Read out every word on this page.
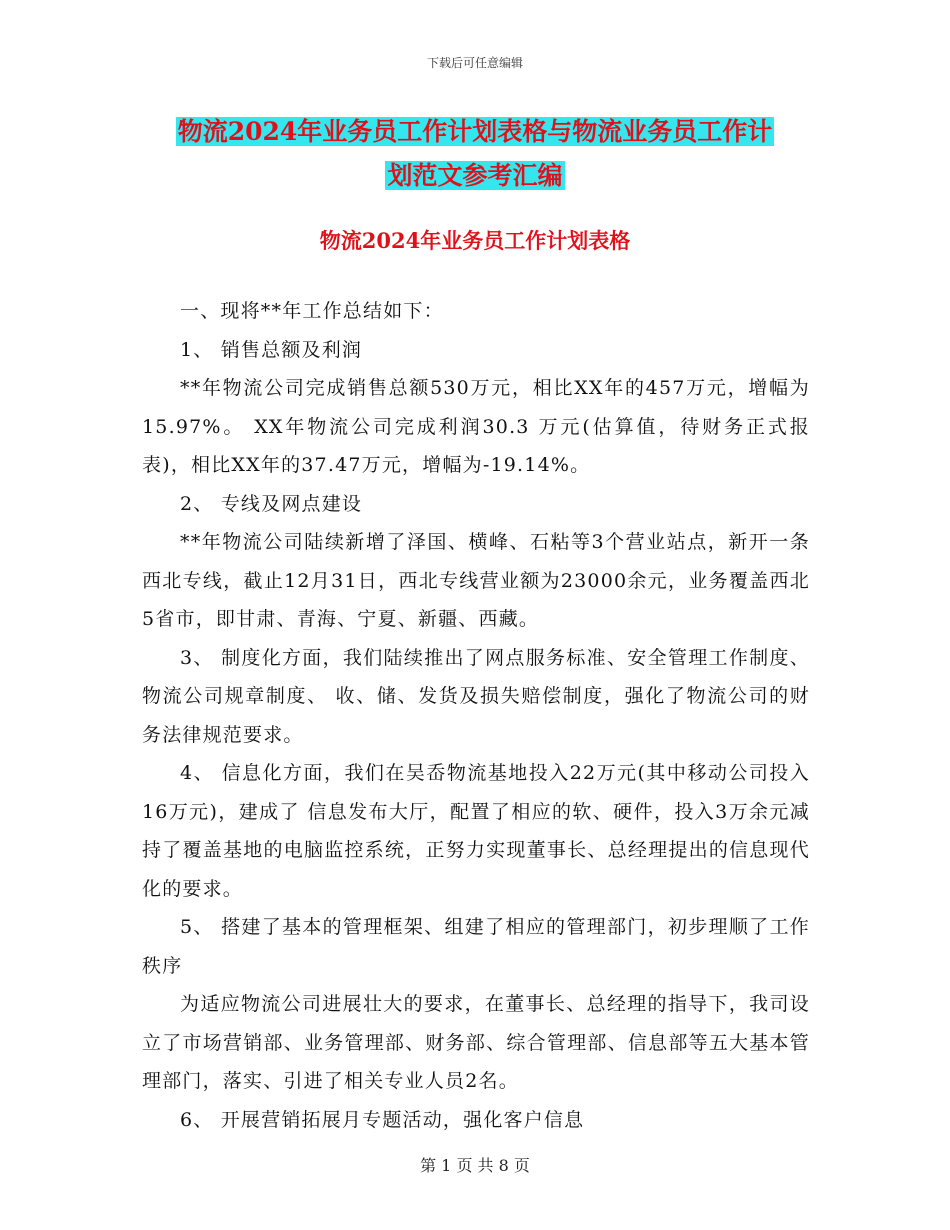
下载后可任意编辑
物流2024年业务员工作计划表格与物流业务员工作计
划范文参考汇编
物流2024年业务员工作计划表格

一、现将**年工作总结如下：

1、 销售总额及利润

**年物流公司完成销售总额530万元，相比XX年的457万元，增幅为15.97%。 XX年物流公司完成利润30.3 万元(估算值，待财务正式报表)，相比XX年的37.47万元，增幅为-19.14%。

2、 专线及网点建设

**年物流公司陆续新增了泽国、横峰、石粘等3个营业站点，新开一条西北专线，截止12月31日，西北专线营业额为23000余元，业务覆盖西北5省市，即甘肃、青海、宁夏、新疆、西藏。

3、 制度化方面，我们陆续推出了网点服务标准、安全管理工作制度、物流公司规章制度、 收、储、发货及损失赔偿制度，强化了物流公司的财务法律规范要求。

4、 信息化方面，我们在吴岙物流基地投入22万元(其中移动公司投入16万元)，建成了 信息发布大厅，配置了相应的软、硬件，投入3万余元减持了覆盖基地的电脑监控系统，正努力实现董事长、总经理提出的信息现代化的要求。

5、 搭建了基本的管理框架、组建了相应的管理部门，初步理顺了工作秩序

为适应物流公司进展壮大的要求，在董事长、总经理的指导下，我司设立了市场营销部、业务管理部、财务部、综合管理部、信息部等五大基本管理部门，落实、引进了相关专业人员2名。

6、 开展营销拓展月专题活动，强化客户信息

第 1 页 共 8 页
